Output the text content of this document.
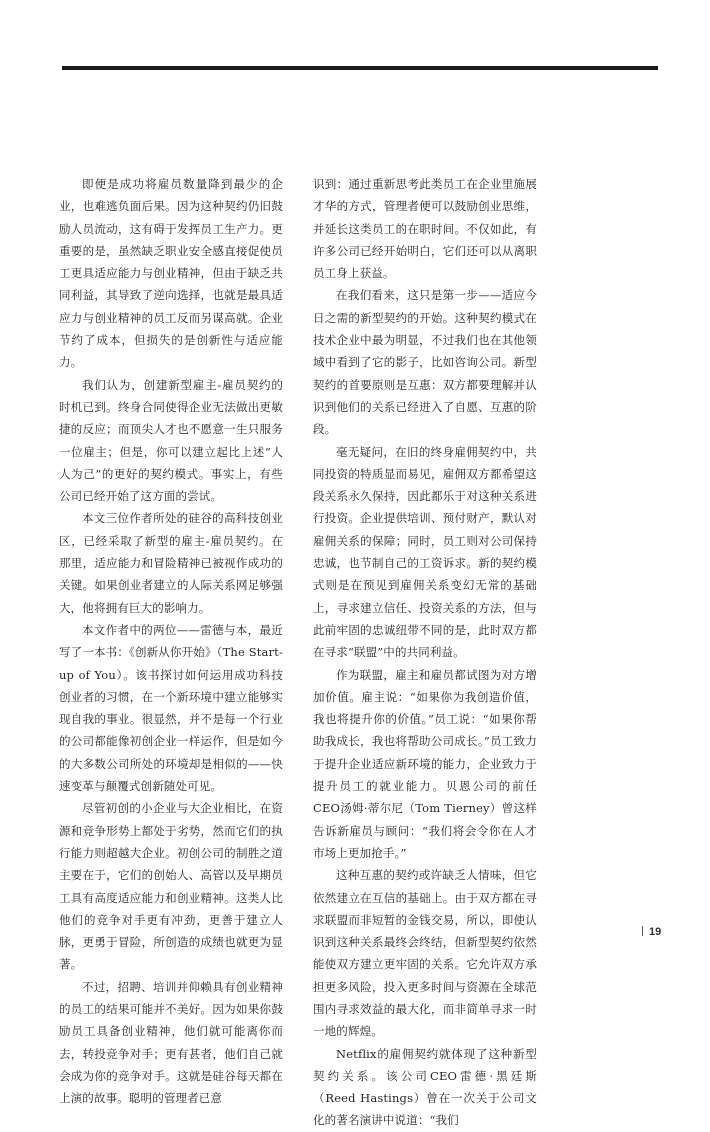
即便是成功将雇员数量降到最少的企业，也难逃负面后果。因为这种契约仍旧鼓励人员流动，这有碍于发挥员工生产力。更重要的是，虽然缺乏职业安全感直接促使员工更具适应能力与创业精神，但由于缺乏共同利益，其导致了逆向选择，也就是最具适应力与创业精神的员工反而另谋高就。企业节约了成本，但损失的是创新性与适应能力。

我们认为，创建新型雇主-雇员契约的时机已到。终身合同使得企业无法做出更敏捷的反应；而顶尖人才也不愿意一生只服务一位雇主；但是，你可以建立起比上述“人人为己”的更好的契约模式。事实上，有些公司已经开始了这方面的尝试。

本文三位作者所处的硅谷的高科技创业区，已经采取了新型的雇主-雇员契约。在那里，适应能力和冒险精神已被视作成功的关键。如果创业者建立的人际关系网足够强大，他将拥有巨大的影响力。

本文作者中的两位——雷德与本，最近写了一本书：《创新从你开始》（The Start-up of You）。该书探讨如何运用成功科技创业者的习惯，在一个新环境中建立能够实现自我的事业。很显然，并不是每一个行业的公司都能像初创企业一样运作，但是如今的大多数公司所处的环境却是相似的——快速变革与颠覆式创新随处可见。

尽管初创的小企业与大企业相比，在资源和竞争形势上都处于劣势，然而它们的执行能力则超越大企业。初创公司的制胜之道主要在于，它们的创始人、高管以及早期员工具有高度适应能力和创业精神。这类人比他们的竞争对手更有冲劲，更善于建立人脉，更勇于冒险，所创造的成绩也就更为显著。

不过，招聘、培训并仰赖具有创业精神的员工的结果可能并不美好。因为如果你鼓励员工具备创业精神，他们就可能离你而去，转投竞争对手；更有甚者，他们自己就会成为你的竞争对手。这就是硅谷每天都在上演的故事。聪明的管理者已意

识到：通过重新思考此类员工在企业里施展才华的方式，管理者便可以鼓励创业思维，并延长这类员工的在职时间。不仅如此，有许多公司已经开始明白，它们还可以从离职员工身上获益。

在我们看来，这只是第一步——适应今日之需的新型契约的开始。这种契约模式在技术企业中最为明显，不过我们也在其他领域中看到了它的影子，比如咨询公司。新型契约的首要原则是互惠：双方都要理解并认识到他们的关系已经进入了自愿、互惠的阶段。

毫无疑问，在旧的终身雇佣契约中，共同投资的特质显而易见，雇佣双方都希望这段关系永久保持，因此都乐于对这种关系进行投资。企业提供培训、预付财产，默认对雇佣关系的保障；同时，员工则对公司保持忠诚，也节制自己的工资诉求。新的契约模式则是在预见到雇佣关系变幻无常的基础上，寻求建立信任、投资关系的方法，但与此前牢固的忠诚纽带不同的是，此时双方都在寻求“联盟”中的共同利益。

作为联盟，雇主和雇员都试图为对方增加价值。雇主说：“如果你为我创造价值，我也将提升你的价值。”员工说：“如果你帮助我成长，我也将帮助公司成长。”员工致力于提升企业适应新环境的能力，企业致力于提升员工的就业能力。贝恩公司的前任CEO汤姆·蒂尔尼（Tom Tierney）曾这样告诉新雇员与顾问：“我们将会令你在人才市场上更加抢手。”

这种互惠的契约或许缺乏人情味，但它依然建立在互信的基础上。由于双方都在寻求联盟而非短暂的金钱交易，所以，即使认识到这种关系最终会终结，但新型契约依然能使双方建立更牢固的关系。它允许双方承担更多风险，投入更多时间与资源在全球范围内寻求效益的最大化，而非简单寻求一时一地的辉煌。

Netflix的雇佣契约就体现了这种新型契约关系。该公司CEO雷德·黑廷斯（Reed Hastings）曾在一次关于公司文化的著名演讲中说道：“我们

19
